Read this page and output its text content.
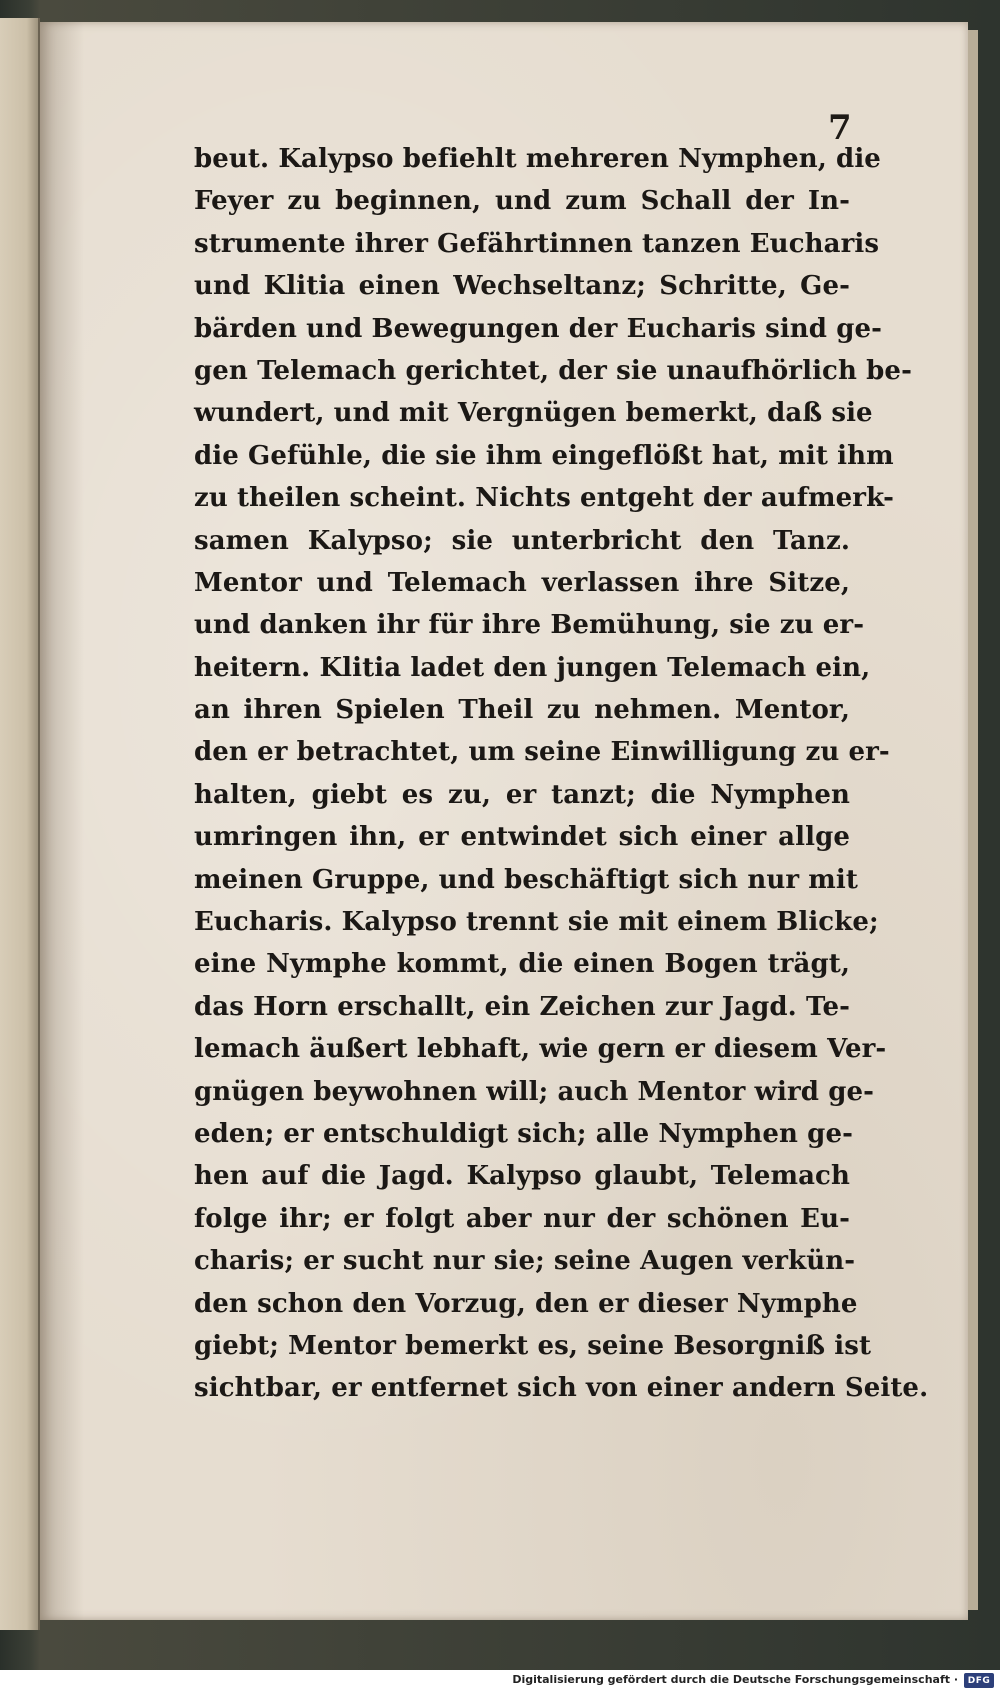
7

beut. Kalypso befiehlt mehreren Nymphen, die
Feyer zu beginnen, und zum Schall der In-
strumente ihrer Gefährtinnen tanzen Eucharis
und Klitia einen Wechseltanz; Schritte, Ge-
bärden und Bewegungen der Eucharis sind ge-
gen Telemach gerichtet, der sie unaufhörlich be-
wundert, und mit Vergnügen bemerkt, daß sie
die Gefühle, die sie ihm eingeflößt hat, mit ihm
zu theilen scheint. Nichts entgeht der aufmerk-
samen Kalypso; sie unterbricht den Tanz.
Mentor und Telemach verlassen ihre Sitze,
und danken ihr für ihre Bemühung, sie zu er-
heitern. Klitia ladet den jungen Telemach ein,
an ihren Spielen Theil zu nehmen. Mentor,
den er betrachtet, um seine Einwilligung zu er-
halten, giebt es zu, er tanzt; die Nymphen
umringen ihn, er entwindet sich einer allge
meinen Gruppe, und beschäftigt sich nur mit
Eucharis. Kalypso trennt sie mit einem Blicke;
eine Nymphe kommt, die einen Bogen trägt,
das Horn erschallt, ein Zeichen zur Jagd. Te-
lemach äußert lebhaft, wie gern er diesem Ver-
gnügen beywohnen will; auch Mentor wird ge-
eden; er entschuldigt sich; alle Nymphen ge-
hen auf die Jagd. Kalypso glaubt, Telemach
folge ihr; er folgt aber nur der schönen Eu-
charis; er sucht nur sie; seine Augen verkün-
den schon den Vorzug, den er dieser Nymphe
giebt; Mentor bemerkt es, seine Besorgniß ist
sichtbar, er entfernet sich von einer andern Seite.

Digitalisierung gefördert durch die Deutsche Forschungsgemeinschaft · DFG
